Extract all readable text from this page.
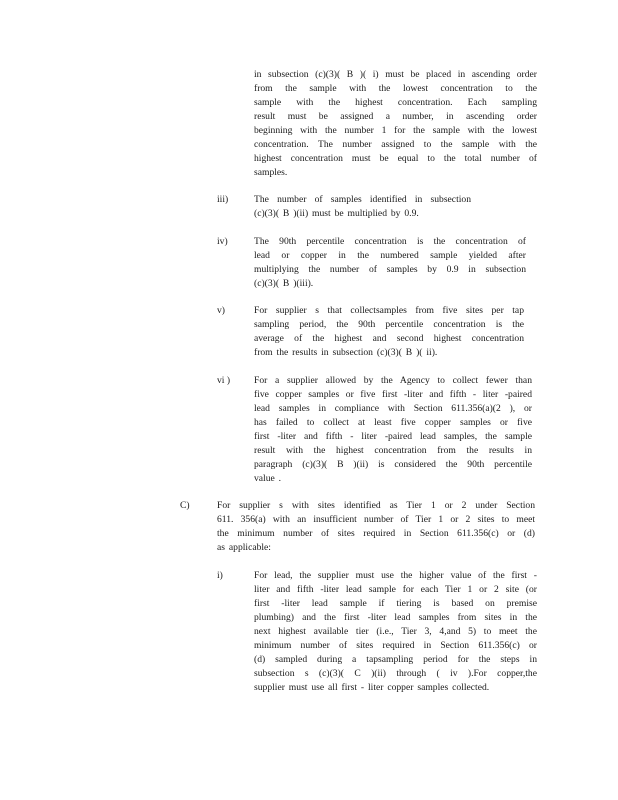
in subsection (c)(3)( B )( i) must be placed in ascending order
from the sample with the lowest concentration to the
sample with the highest concentration. Each sampling
result must be assigned a number, in ascending order
beginning with the number 1 for the sample with the lowest
concentration. The number assigned to the sample with the
highest concentration must be equal to the total number of
samples.
iii)	The number of samples identified in subsection
(c)(3)( B )(ii) must be multiplied by 0.9.
iv)	The 90th percentile concentration is the concentration of
lead or copper in the numbered sample yielded after
multiplying the number of samples by 0.9 in subsection
(c)(3)( B )(iii).
v)	For supplier s that collectsamples from five sites per tap
sampling period, the 90th percentile concentration is the
average of the highest and second highest concentration
from the results in subsection (c)(3)( B )( ii).
vi ) For a supplier allowed by the Agency to collect fewer than
five copper samples or five first -liter and fifth - liter -paired
lead samples in compliance with Section 611.356(a)(2 ), or
has failed to collect at least five copper samples or five
first -liter and fifth - liter -paired lead samples, the sample
result with the highest concentration from the results in
paragraph (c)(3)( B )(ii) is considered the 90th percentile
value .
C)	For supplier s with sites identified as Tier 1 or 2 under Section
611. 356(a) with an insufficient number of Tier 1 or 2 sites to meet
the minimum number of sites required in Section 611.356(c) or (d)
as applicable:
i)	For lead, the supplier must use the higher value of the first -
liter and fifth -liter lead sample for each Tier 1 or 2 site (or
first -liter lead sample if tiering is based on premise
plumbing) and the first -liter lead samples from sites in the
next highest available tier (i.e., Tier 3, 4,and 5) to meet the
minimum number of sites required in Section 611.356(c) or
(d) sampled during a tapsampling period for the steps in
subsection s (c)(3)( C )(ii) through ( iv ).For copper,the
supplier must use all first - liter copper samples collected.
